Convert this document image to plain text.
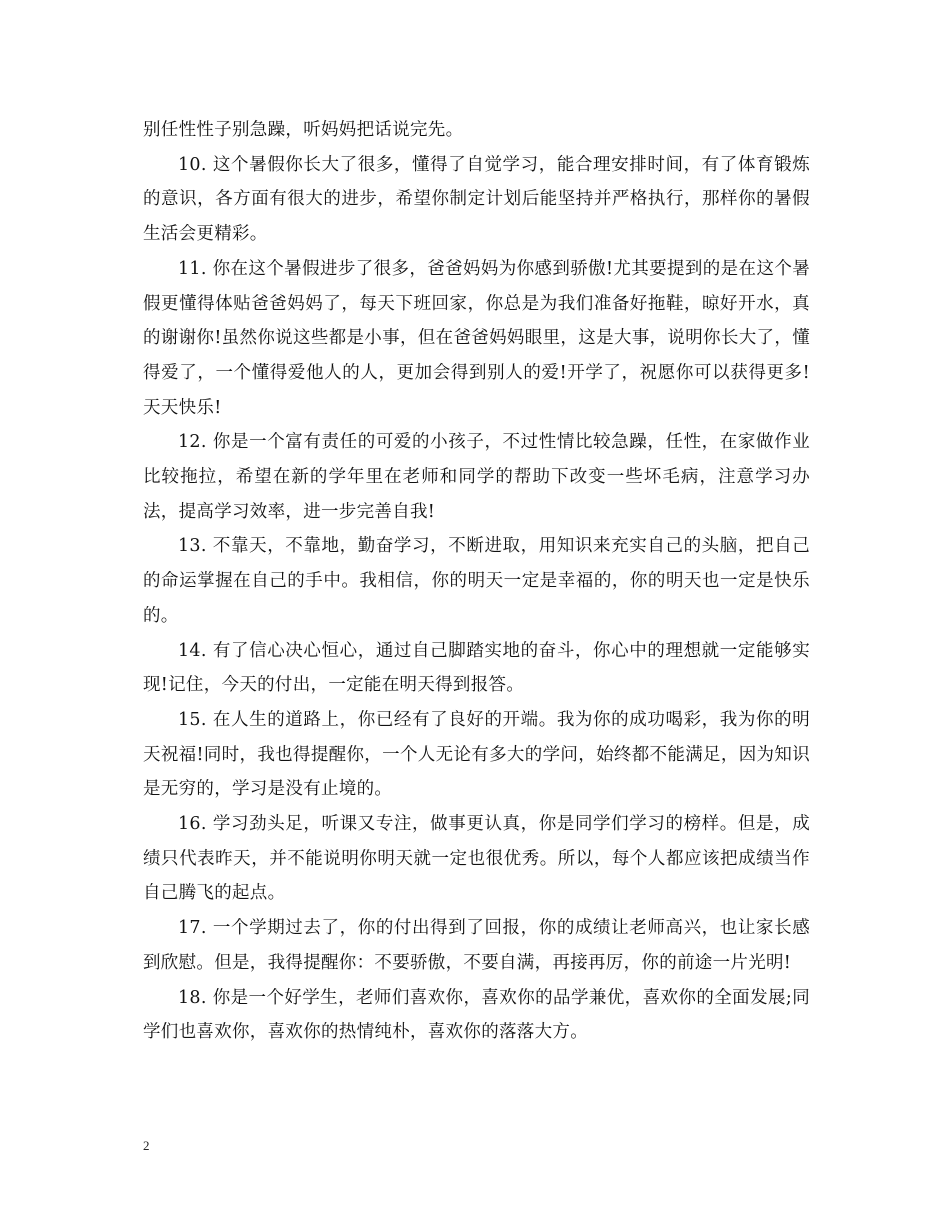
别任性性子别急躁，听妈妈把话说完先。

10. 这个暑假你长大了很多，懂得了自觉学习，能合理安排时间，有了体育锻炼的意识，各方面有很大的进步，希望你制定计划后能坚持并严格执行，那样你的暑假生活会更精彩。

11. 你在这个暑假进步了很多，爸爸妈妈为你感到骄傲!尤其要提到的是在这个暑假更懂得体贴爸爸妈妈了，每天下班回家，你总是为我们准备好拖鞋，晾好开水，真的谢谢你!虽然你说这些都是小事，但在爸爸妈妈眼里，这是大事，说明你长大了，懂得爱了，一个懂得爱他人的人，更加会得到别人的爱!开学了，祝愿你可以获得更多!天天快乐!

12. 你是一个富有责任的可爱的小孩子，不过性情比较急躁，任性，在家做作业比较拖拉，希望在新的学年里在老师和同学的帮助下改变一些坏毛病，注意学习办法，提高学习效率，进一步完善自我!

13. 不靠天，不靠地，勤奋学习，不断进取，用知识来充实自己的头脑，把自己的命运掌握在自己的手中。我相信，你的明天一定是幸福的，你的明天也一定是快乐的。

14. 有了信心决心恒心，通过自己脚踏实地的奋斗，你心中的理想就一定能够实现!记住，今天的付出，一定能在明天得到报答。

15. 在人生的道路上，你已经有了良好的开端。我为你的成功喝彩，我为你的明天祝福!同时，我也得提醒你，一个人无论有多大的学问，始终都不能满足，因为知识是无穷的，学习是没有止境的。

16. 学习劲头足，听课又专注，做事更认真，你是同学们学习的榜样。但是，成绩只代表昨天，并不能说明你明天就一定也很优秀。所以，每个人都应该把成绩当作自己腾飞的起点。

17. 一个学期过去了，你的付出得到了回报，你的成绩让老师高兴，也让家长感到欣慰。但是，我得提醒你：不要骄傲，不要自满，再接再厉，你的前途一片光明!

18. 你是一个好学生，老师们喜欢你，喜欢你的品学兼优，喜欢你的全面发展;同学们也喜欢你，喜欢你的热情纯朴，喜欢你的落落大方。

2
